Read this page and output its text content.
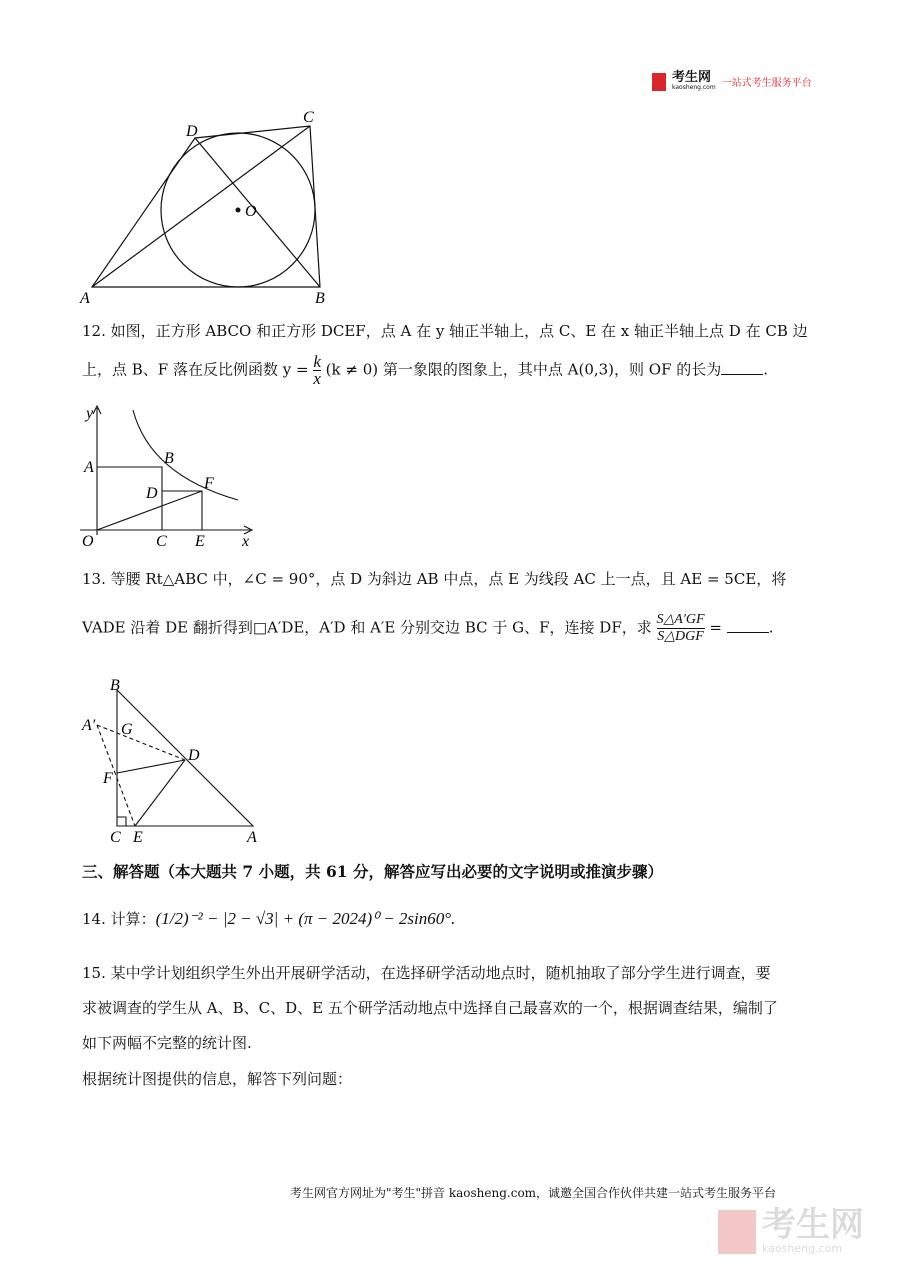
考生网
kaosheng.com 一站式考生服务平台
A	B
C
D
O
12. 如图，正方形 ABCO 和正方形 DCEF，点 A 在 y 轴正半轴上，点 C、E 在 x 轴正半轴上点 D 在 CB 边
上，点 B、F 落在反比例函数 $y = \frac{k}{x} (k \ne 0)$ 第一象限的图象上，其中点 A(0,3)，则 OF 的长为	.
y
A
B
D
F
O	C E x
13. 等腰 Rt△ABC 中，∠C = 90°，点 D 为斜边 AB 中点，点 E 为线段 AC 上一点，且 AE = 5CE，将
VADE 沿着 DE 翻折得到□A′DE，A′D 和 A′E 分别交边 BC 于 G、F，连接 DF，求 $\frac{S\triangle A'GF}{\text{S△DGF}}$ =	.
B
A′ G
D
F
C E	A
三、解答题（本大题共 7 小题，共 61 分，解答应写出必要的文字说明或推演步骤）
14. 计算：(1/2)⁻² − |2 − √3| + (π − 2024)⁰ − 2sin60°.
15. 某中学计划组织学生外出开展研学活动，在选择研学活动地点时，随机抽取了部分学生进行调查，要
求被调查的学生从 A、B、C、D、E 五个研学活动地点中选择自己最喜欢的一个，根据调查结果，编制了
如下两幅不完整的统计图.
根据统计图提供的信息，解答下列问题：
考生网官方网址为"考生"拼音 kaosheng.com，诚邀全国合作伙伴共建一站式考生服务平台
考生网
kaosheng.com
